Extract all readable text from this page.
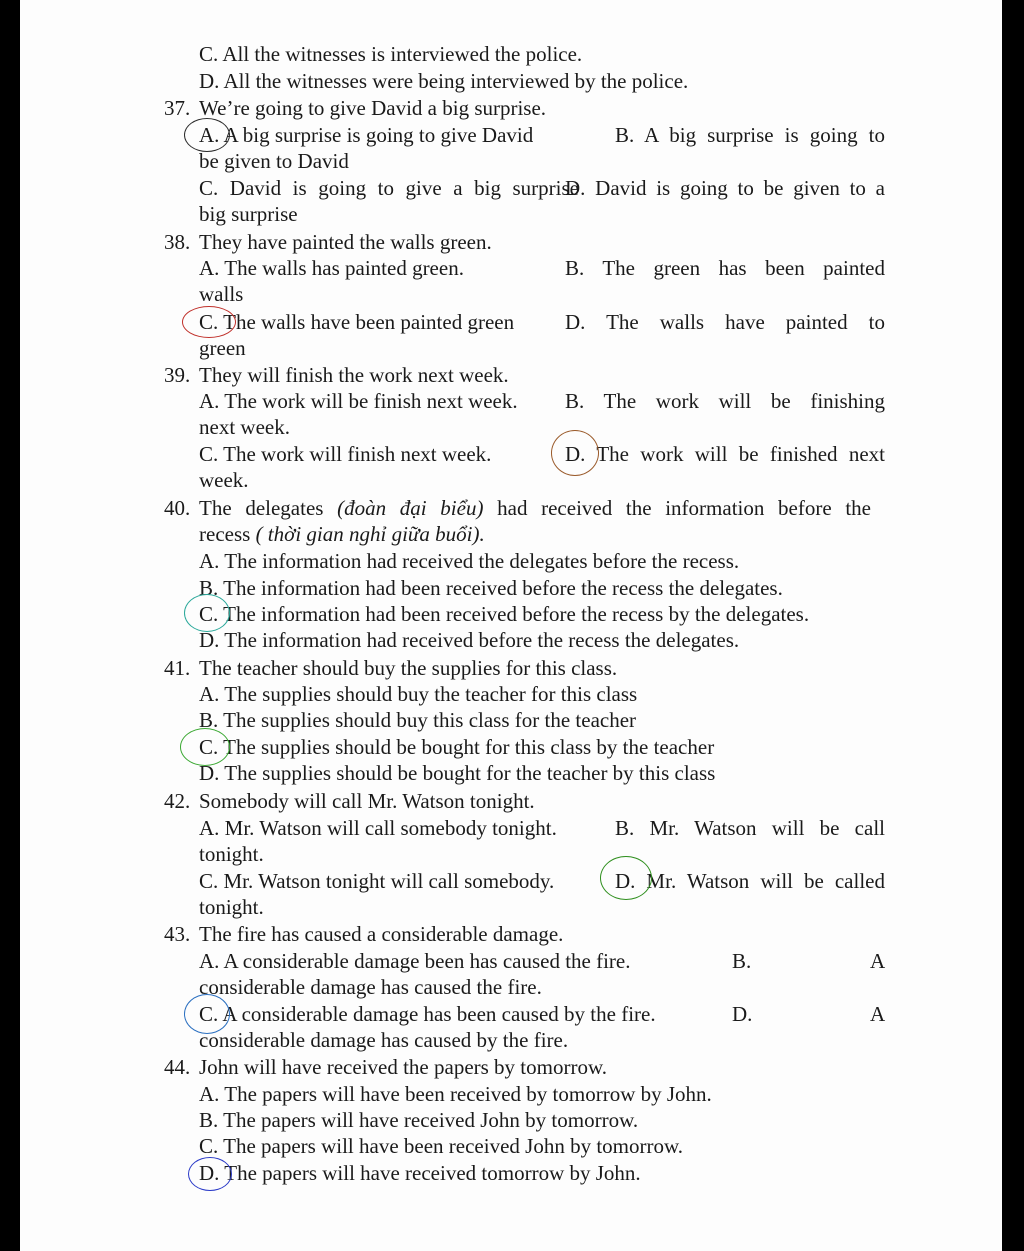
C. All the witnesses is interviewed the police.
D. All the witnesses were being interviewed by the police.
37. We’re going to give David a big surprise.
A. A big surprise is going to give David	B. A big surprise is going to
be given to David
C. David is going to give a big surprise
D. David is going to be given to a
big surprise
38. They have painted the walls green.
A. The walls has painted green.	B. The green has been painted
walls
C. The walls have been painted green D. The walls have painted to
green
39. They will finish the work next week.
A. The work will be finish next week. B. The work will be finishing
next week.
C. The work will finish next week.	D. The work will be finished next
week.
40. The delegates (đoàn đại biểu) had received the information before the
recess ( thời gian nghỉ giữa buổi).
A. The information had received the delegates before the recess.
B. The information had been received before the recess the delegates.
C. The information had been received before the recess by the delegates.
D. The information had received before the recess the delegates.
41. The teacher should buy the supplies for this class.
A. The supplies should buy the teacher for this class
B. The supplies should buy this class for the teacher
C. The supplies should be bought for this class by the teacher
D. The supplies should be bought for the teacher by this class
42. Somebody will call Mr. Watson tonight.
A. Mr. Watson will call somebody tonight.	B. Mr. Watson will be call
tonight.
C. Mr. Watson tonight will call somebody.	D. Mr. Watson will be called
tonight.
43. The fire has caused a considerable damage.
A. A considerable damage been has caused the fire.	B.	A
considerable damage has caused the fire.
C. A considerable damage has been caused by the fire.	D.	A
considerable damage has caused by the fire.
44. John will have received the papers by tomorrow.
A. The papers will have been received by tomorrow by John.
B. The papers will have received John by tomorrow.
C. The papers will have been received John by tomorrow.
D. The papers will have received tomorrow by John.
